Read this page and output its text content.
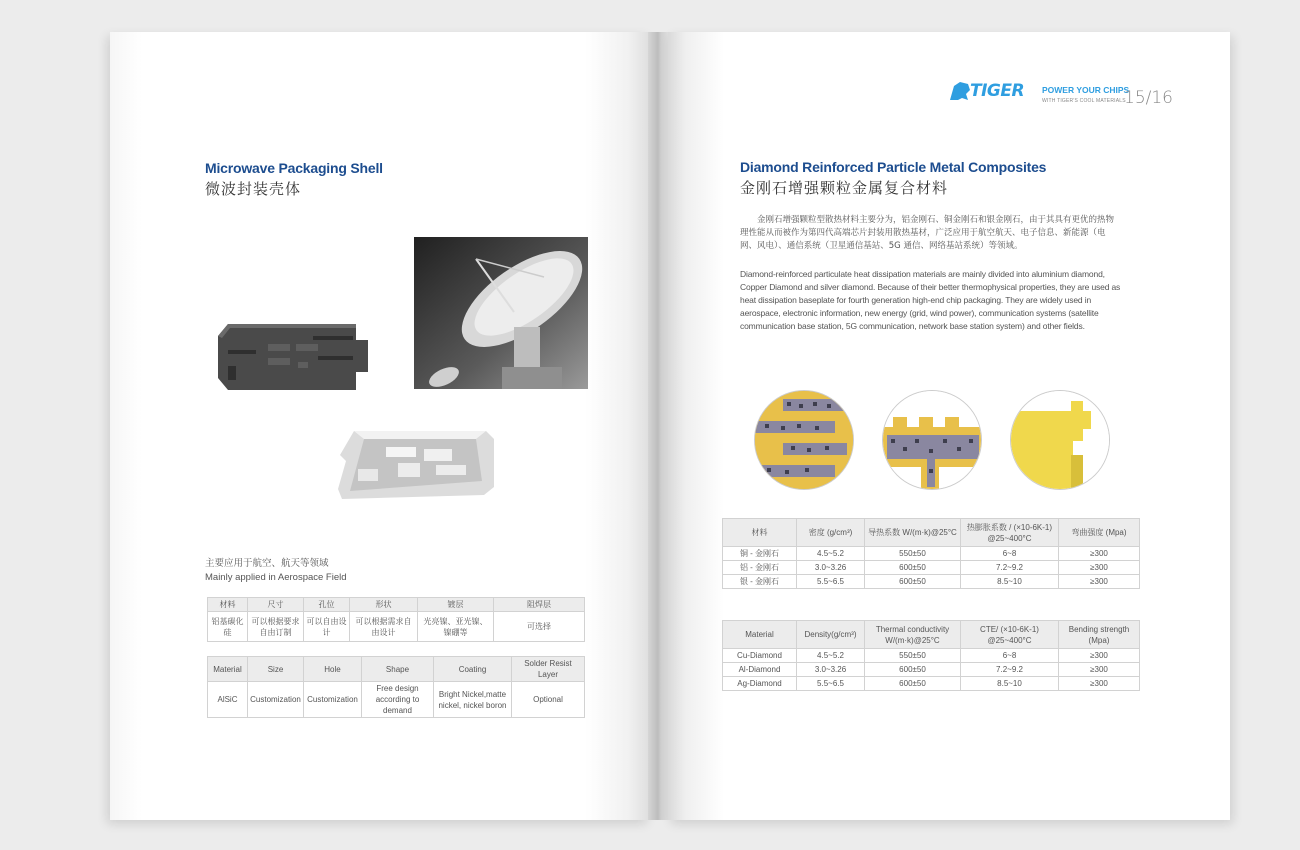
Microwave Packaging Shell
微波封装壳体
主要应用于航空、航天等领域
Mainly applied in Aerospace Field
材料	尺寸	孔位	形状	镀层	阻焊层
铝基碳化硅	可以根据要求自由订制	可以自由设计	可以根据需求自由设计	光亮镍、亚光镍、镍硼等	可选择
Material	Size	Hole	Shape	Coating	Solder Resist Layer
AlSiC	Customization	Customization	Free design according to demand	Bright Nickel,matte nickel, nickel boron	Optional
TIGER POWER YOUR CHIPS
WITH TIGER'S COOL MATERIALS
15/16
Diamond Reinforced Particle Metal Composites
金刚石增强颗粒金属复合材料
金刚石增强颗粒型散热材料主要分为，铝金刚石、铜金刚石和银金刚石，由于其具有更优的热物理性能从而被作为第四代高端芯片封装用散热基材，广泛应用于航空航天、电子信息、新能源（电网、风电）、通信系统（卫星通信基站、5G 通信、网络基站系统）等领域。
Diamond-reinforced particulate heat dissipation materials are mainly divided into aluminium diamond, Copper Diamond and silver diamond. Because of their better thermophysical properties, they are used as heat dissipation baseplate for fourth generation high-end chip packaging. They are widely used in aerospace, electronic information, new energy (grid, wind power), communication systems (satellite communication base station, 5G communication, network base station system) and other fields.
材料	密度 (g/cm³)	导热系数 W/(m·k)@25°C	热膨胀系数 / (×10-6K-1) @25~400°C	弯曲强度 (Mpa)
铜 - 金刚石	4.5~5.2	550±50	6~8	≥300
铝 - 金刚石	3.0~3.26	600±50	7.2~9.2	≥300
银 - 金刚石	5.5~6.5	600±50	8.5~10	≥300
Material	Density(g/cm³)	Thermal conductivity W/(m·k)@25°C	CTE/ (×10-6K-1) @25~400°C	Bending strength (Mpa)
Cu-Diamond	4.5~5.2	550±50	6~8	≥300
Al-Diamond	3.0~3.26	600±50	7.2~9.2	≥300
Ag-Diamond	5.5~6.5	600±50	8.5~10	≥300
